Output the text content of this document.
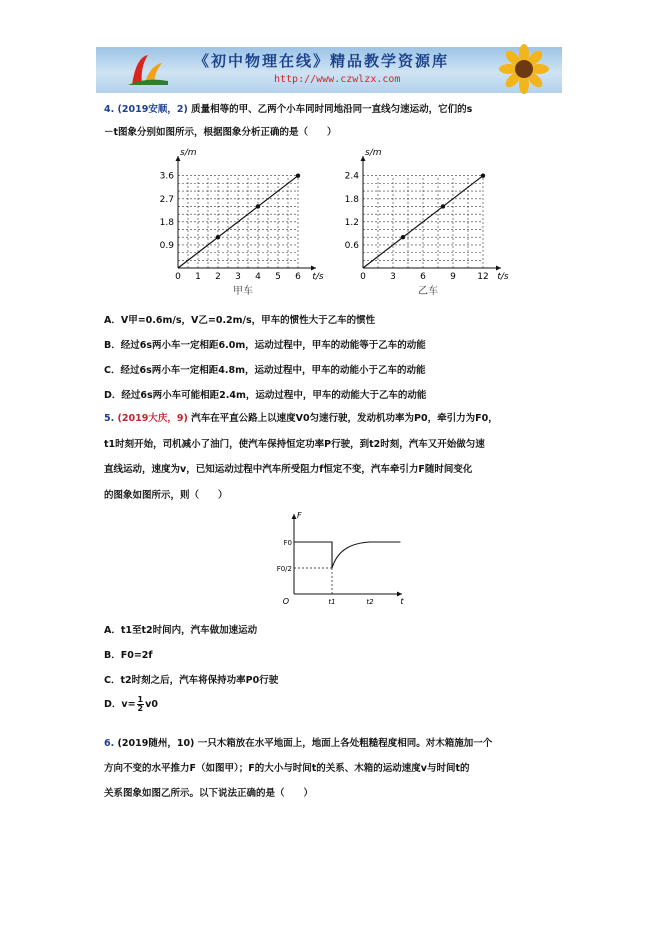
《初中物理在线》精品教学资源库
http://www.czwlzx.com
4. (2019安顺，2) 质量相等的甲、乙两个小车同时同地沿同一直线匀速运动，它们的s
－t图象分别如图所示，根据图象分析正确的是（　　）
0 1 2 3 4 5 6
0.9
1.8
2.7
3.6
t/s
s/m
甲车
0	3	6	9 12
0.6
1.2
1.8
2.4
t/s
s/m
乙车
A．V甲=0.6m/s，V乙=0.2m/s，甲车的惯性大于乙车的惯性
B．经过6s两小车一定相距6.0m，运动过程中，甲车的动能等于乙车的动能
C．经过6s两小车一定相距4.8m，运动过程中，甲车的动能小于乙车的动能
D．经过6s两小车可能相距2.4m，运动过程中，甲车的动能大于乙车的动能
5. (2019大庆，9) 汽车在平直公路上以速度V0匀速行驶，发动机功率为P0，牵引力为F0，
t1时刻开始，司机减小了油门，使汽车保持恒定功率P行驶，到t2时刻，汽车又开始做匀速
直线运动，速度为v，已知运动过程中汽车所受阻力f恒定不变，汽车牵引力F随时间变化
的图象如图所示，则（　　）
F
t
O
F0
F0/2
t1	t2
A．t1至t2时间内，汽车做加速运动
B．F0=2f
C．t2时刻之后，汽车将保持功率P0行驶
D．$v= \frac{1}{2} v0$
6. (2019随州，10) 一只木箱放在水平地面上，地面上各处粗糙程度相同。对木箱施加一个
方向不变的水平推力F（如图甲）；F的大小与时间t的关系、木箱的运动速度v与时间t的
关系图象如图乙所示。以下说法正确的是（　　）
